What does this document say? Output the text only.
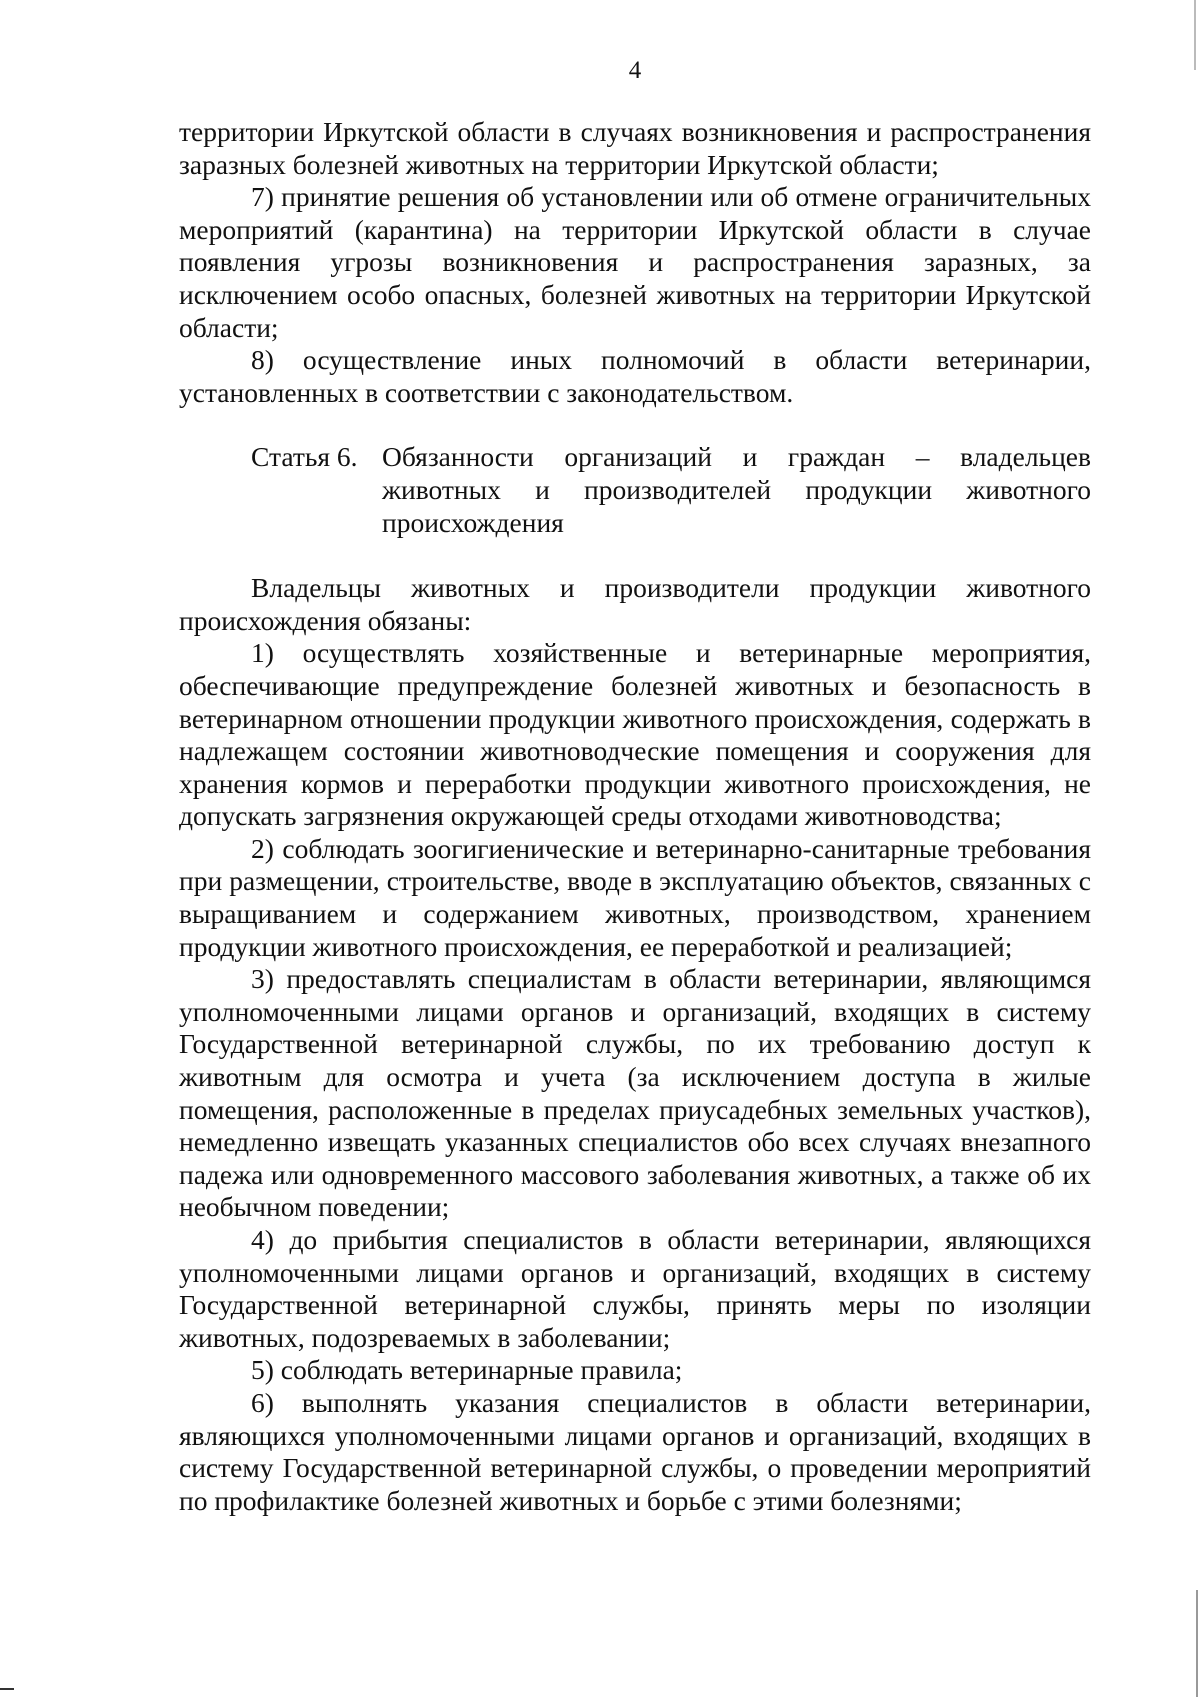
4

территории Иркутской области в случаях возникновения и распространения заразных болезней животных на территории Иркутской области;

7) принятие решения об установлении или об отмене ограничительных мероприятий (карантина) на территории Иркутской области в случае появления угрозы возникновения и распространения заразных, за исключением особо опасных, болезней животных на территории Иркутской области;

8) осуществление иных полномочий в области ветеринарии, установленных в соответствии с законодательством.

Статья 6. Обязанности организаций и граждан – владельцев животных и производителей продукции животного происхождения

Владельцы животных и производители продукции животного происхождения обязаны:

1) осуществлять хозяйственные и ветеринарные мероприятия, обеспечивающие предупреждение болезней животных и безопасность в ветеринарном отношении продукции животного происхождения, содержать в надлежащем состоянии животноводческие помещения и сооружения для хранения кормов и переработки продукции животного происхождения, не допускать загрязнения окружающей среды отходами животноводства;

2) соблюдать зоогигиенические и ветеринарно-санитарные требования при размещении, строительстве, вводе в эксплуатацию объектов, связанных с выращиванием и содержанием животных, производством, хранением продукции животного происхождения, ее переработкой и реализацией;

3) предоставлять специалистам в области ветеринарии, являющимся уполномоченными лицами органов и организаций, входящих в систему Государственной ветеринарной службы, по их требованию доступ к животным для осмотра и учета (за исключением доступа в жилые помещения, расположенные в пределах приусадебных земельных участков), немедленно извещать указанных специалистов обо всех случаях внезапного падежа или одновременного массового заболевания животных, а также об их необычном поведении;

4) до прибытия специалистов в области ветеринарии, являющихся уполномоченными лицами органов и организаций, входящих в систему Государственной ветеринарной службы, принять меры по изоляции животных, подозреваемых в заболевании;

5) соблюдать ветеринарные правила;

6) выполнять указания специалистов в области ветеринарии, являющихся уполномоченными лицами органов и организаций, входящих в систему Государственной ветеринарной службы, о проведении мероприятий по профилактике болезней животных и борьбе с этими болезнями;
